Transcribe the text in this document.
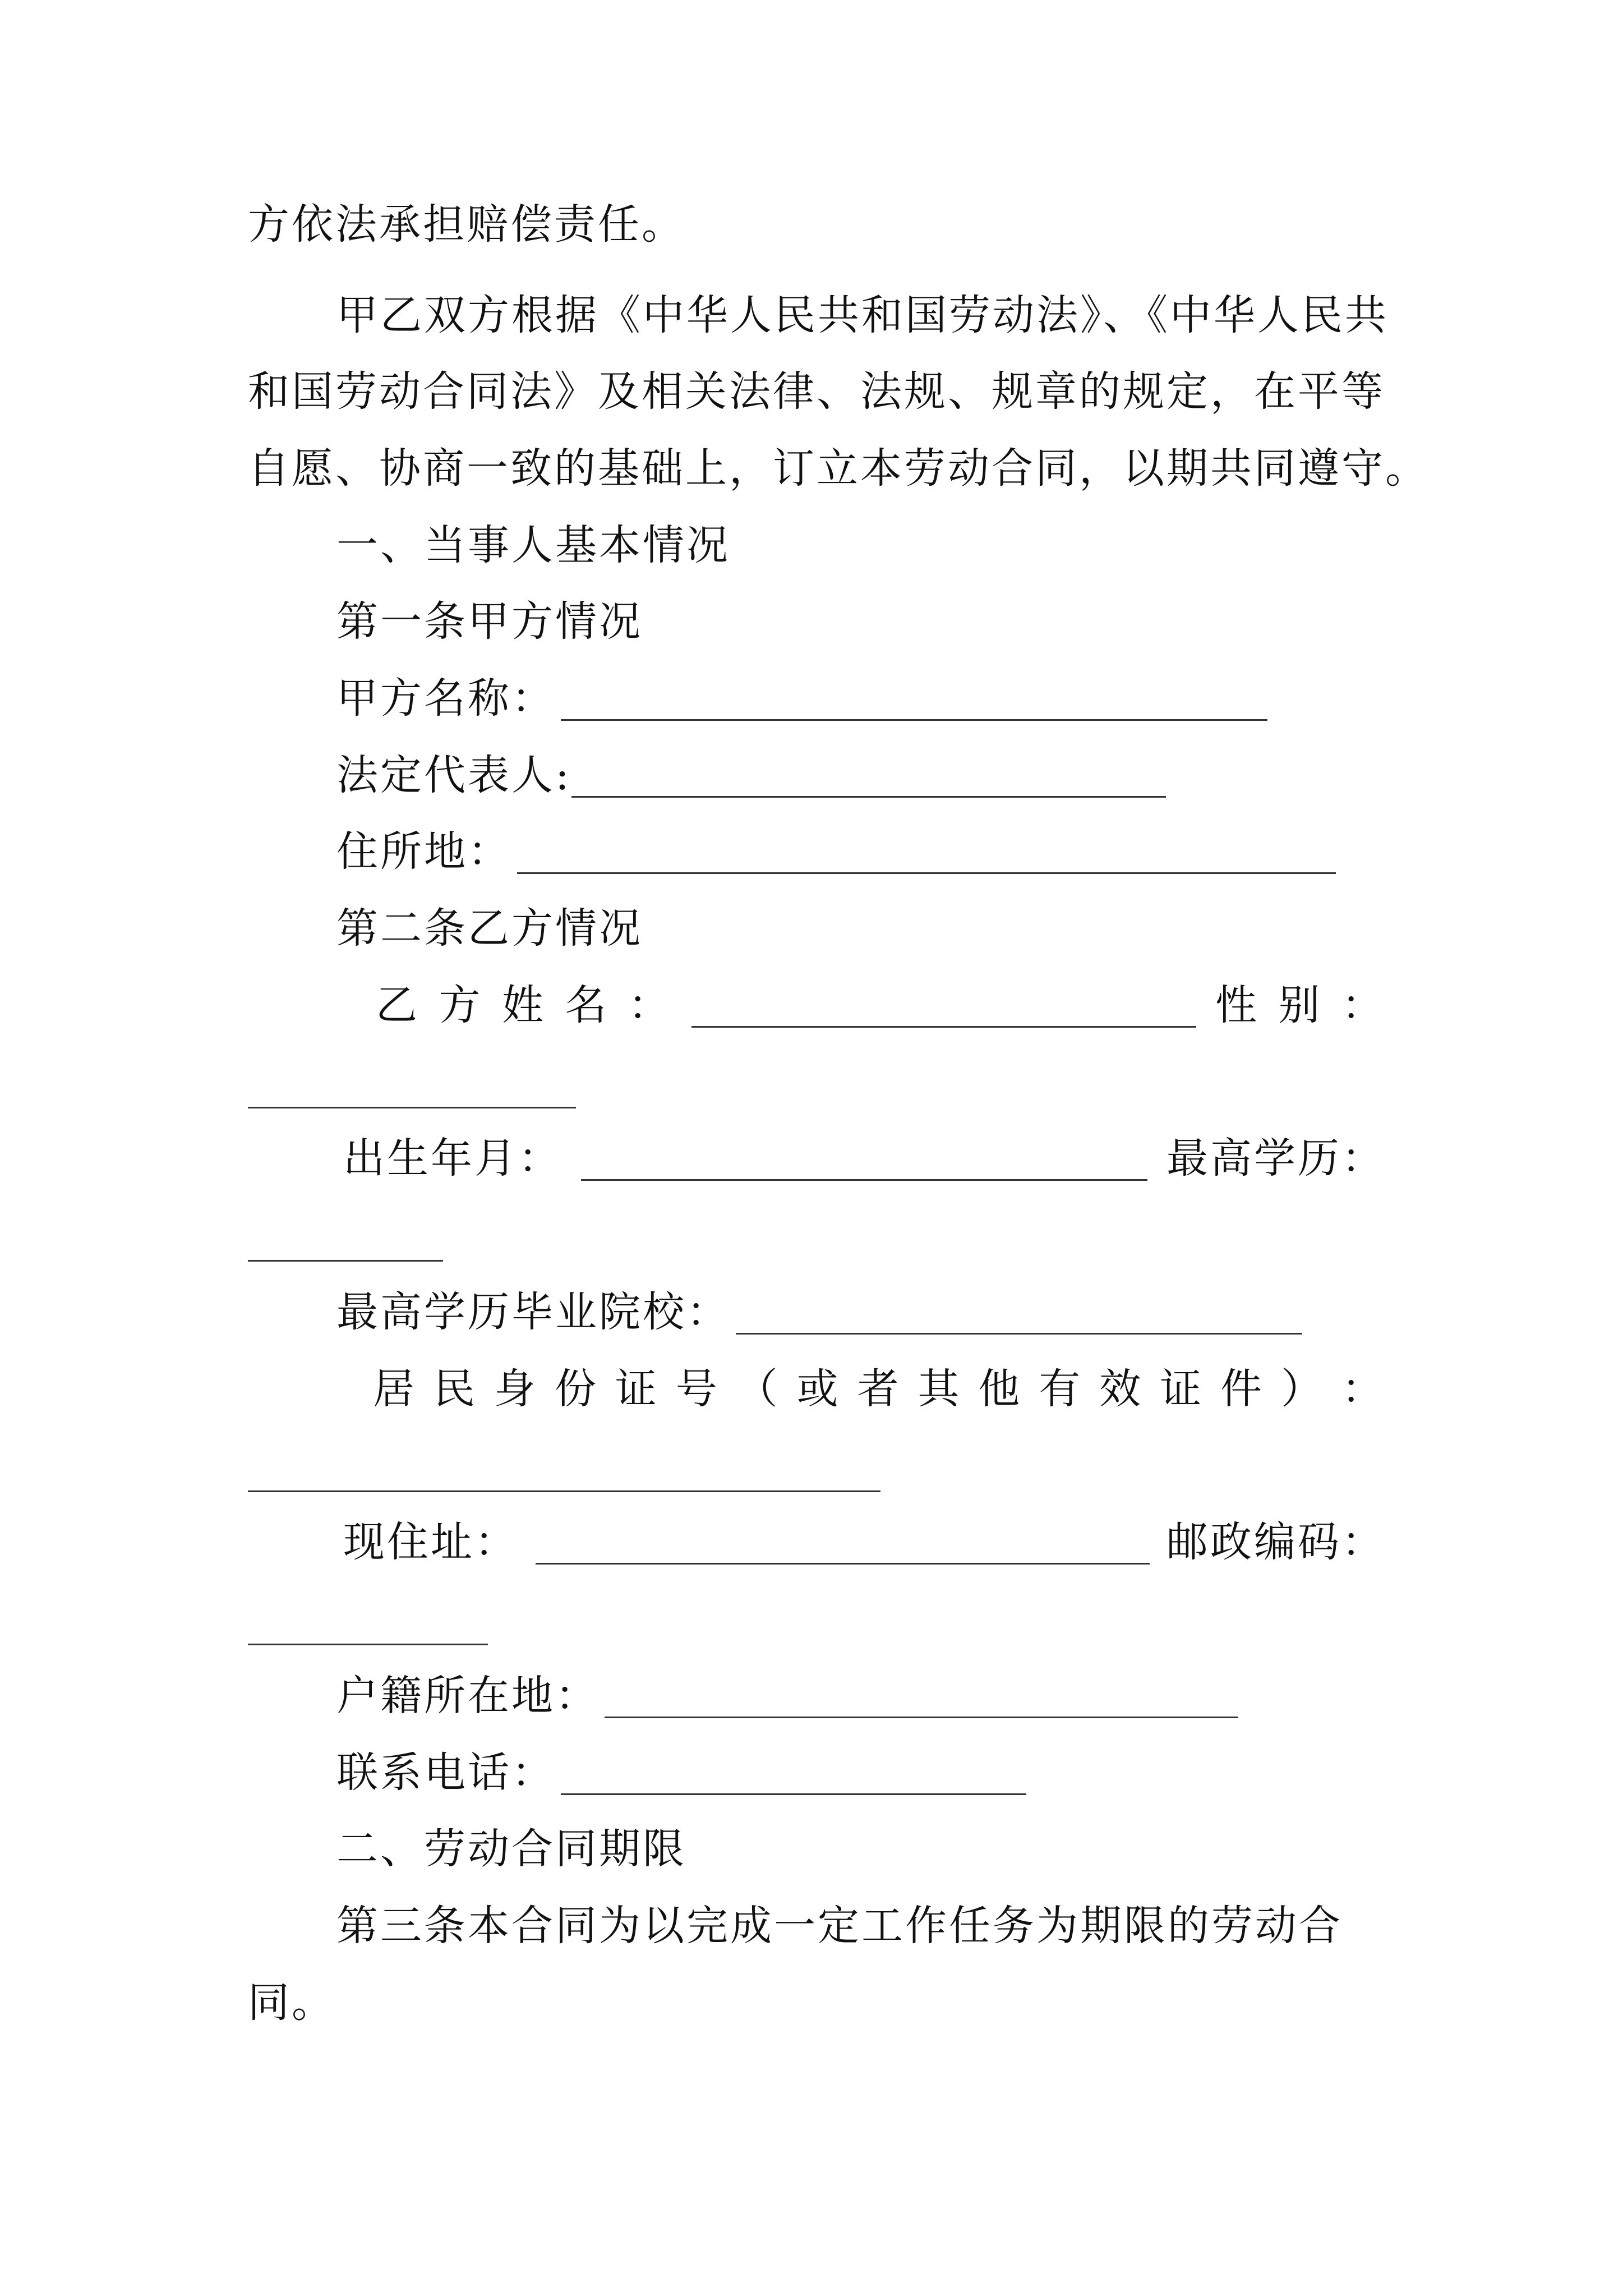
方依法承担赔偿责任。
甲乙双方根据《中华人民共和国劳动法》、《中华人民共
和国劳动合同法》及相关法律、法规、规章的规定，在平等
自愿、协商一致的基础上，订立本劳动合同，以期共同遵守。
一、当事人基本情况
第一条甲方情况
甲方名称：
法定代表人:
住所地：
第二条乙方情况
乙 方 姓 名 ：	性 别 ：
出生年月：	最高学历：
最高学历毕业院校：
居 民 身 份 证 号 （ 或 者 其 他 有 效 证 件 ） ：
现住址：	邮政编码：
户籍所在地：
联系电话：
二、劳动合同期限
第三条本合同为以完成一定工作任务为期限的劳动合
同。
